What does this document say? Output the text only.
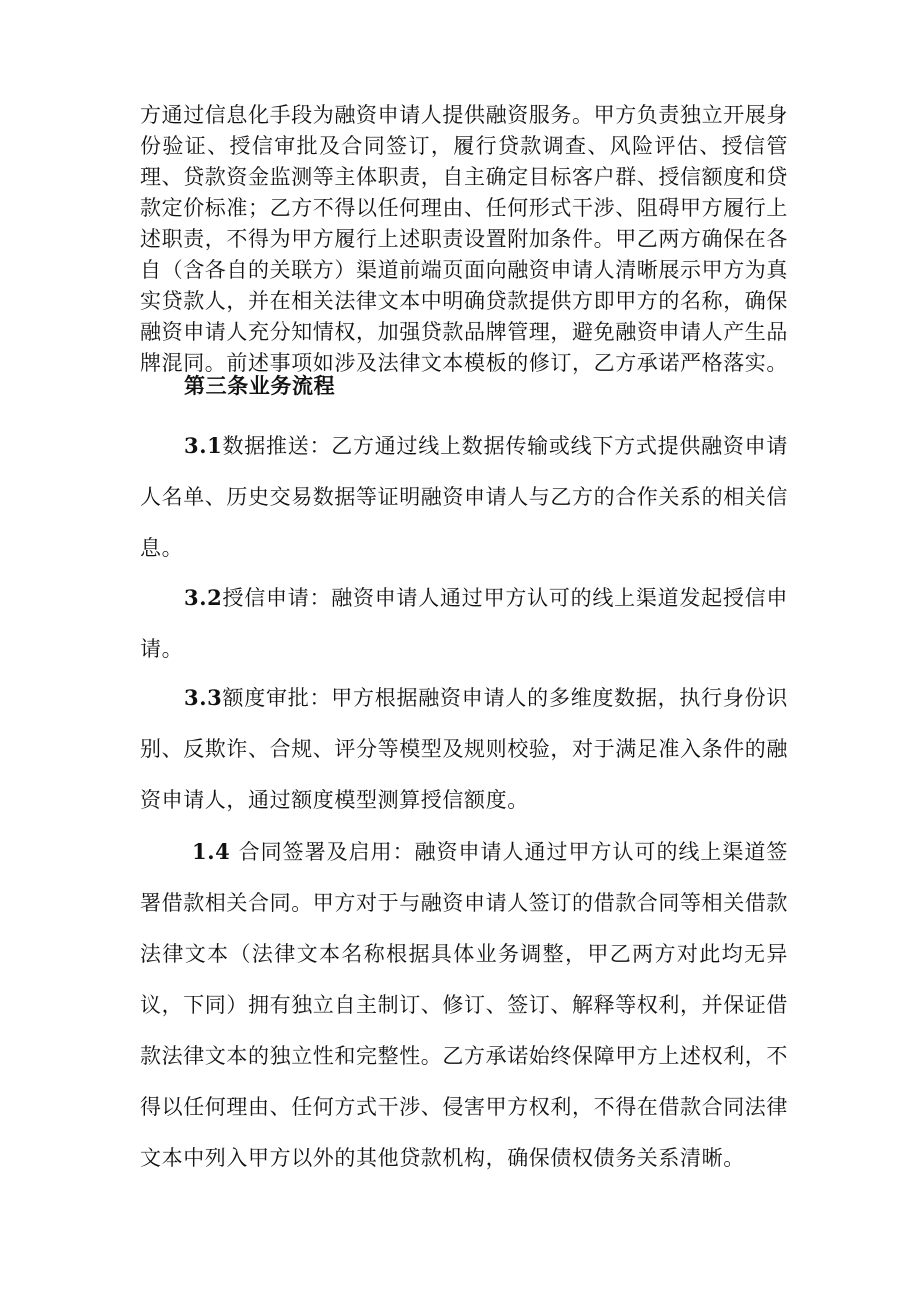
方通过信息化手段为融资申请人提供融资服务。甲方负责独立开展身份验证、授信审批及合同签订，履行贷款调查、风险评估、授信管理、贷款资金监测等主体职责，自主确定目标客户群、授信额度和贷款定价标准；乙方不得以任何理由、任何形式干涉、阻碍甲方履行上述职责，不得为甲方履行上述职责设置附加条件。甲乙两方确保在各自（含各自的关联方）渠道前端页面向融资申请人清晰展示甲方为真实贷款人，并在相关法律文本中明确贷款提供方即甲方的名称，确保融资申请人充分知情权，加强贷款品牌管理，避免融资申请人产生品牌混同。前述事项如涉及法律文本模板的修订，乙方承诺严格落实。

第三条业务流程

3.1数据推送：乙方通过线上数据传输或线下方式提供融资申请人名单、历史交易数据等证明融资申请人与乙方的合作关系的相关信息。

3.2授信申请：融资申请人通过甲方认可的线上渠道发起授信申请。

3.3额度审批：甲方根据融资申请人的多维度数据，执行身份识别、反欺诈、合规、评分等模型及规则校验，对于满足准入条件的融资申请人，通过额度模型测算授信额度。

1.4 合同签署及启用：融资申请人通过甲方认可的线上渠道签署借款相关合同。甲方对于与融资申请人签订的借款合同等相关借款法律文本（法律文本名称根据具体业务调整，甲乙两方对此均无异议，下同）拥有独立自主制订、修订、签订、解释等权利，并保证借款法律文本的独立性和完整性。乙方承诺始终保障甲方上述权利，不得以任何理由、任何方式干涉、侵害甲方权利，不得在借款合同法律文本中列入甲方以外的其他贷款机构，确保债权债务关系清晰。
